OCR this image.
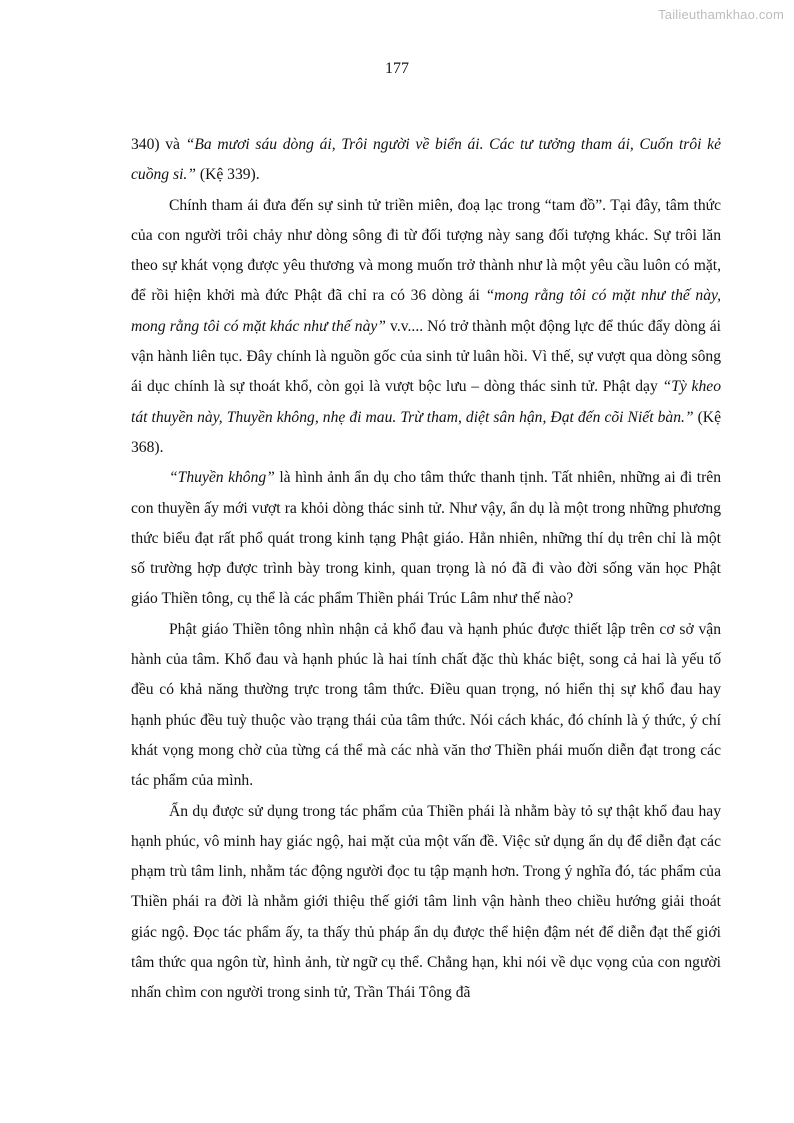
Tailieuthamkhao.com
177

340) và “Ba mươi sáu dòng ái, Trôi người về biển ái. Các tư tưởng tham ái, Cuốn trôi kẻ cuồng si.” (Kệ 339).

Chính tham ái đưa đến sự sinh tử triền miên, đoạ lạc trong “tam đồ”. Tại đây, tâm thức của con người trôi chảy như dòng sông đi từ đối tượng này sang đối tượng khác. Sự trôi lăn theo sự khát vọng được yêu thương và mong muốn trở thành như là một yêu cầu luôn có mặt, để rồi hiện khởi mà đức Phật đã chỉ ra có 36 dòng ái “mong rằng tôi có mặt như thế này, mong rằng tôi có mặt khác như thế này” v.v.... Nó trở thành một động lực để thúc đẩy dòng ái vận hành liên tục. Đây chính là nguồn gốc của sinh tử luân hồi. Vì thế, sự vượt qua dòng sông ái dục chính là sự thoát khổ, còn gọi là vượt bộc lưu – dòng thác sinh tử. Phật dạy “Tỳ kheo tát thuyền này, Thuyền không, nhẹ đi mau. Trừ tham, diệt sân hận, Đạt đến cõi Niết bàn.” (Kệ 368).

“Thuyền không” là hình ảnh ẩn dụ cho tâm thức thanh tịnh. Tất nhiên, những ai đi trên con thuyền ấy mới vượt ra khỏi dòng thác sinh tử. Như vậy, ẩn dụ là một trong những phương thức biểu đạt rất phổ quát trong kinh tạng Phật giáo. Hẳn nhiên, những thí dụ trên chỉ là một số trường hợp được trình bày trong kinh, quan trọng là nó đã đi vào đời sống văn học Phật giáo Thiền tông, cụ thể là các phẩm Thiền phái Trúc Lâm như thế nào?

Phật giáo Thiền tông nhìn nhận cả khổ đau và hạnh phúc được thiết lập trên cơ sở vận hành của tâm. Khổ đau và hạnh phúc là hai tính chất đặc thù khác biệt, song cả hai là yếu tố đều có khả năng thường trực trong tâm thức. Điều quan trọng, nó hiển thị sự khổ đau hay hạnh phúc đều tuỳ thuộc vào trạng thái của tâm thức. Nói cách khác, đó chính là ý thức, ý chí khát vọng mong chờ của từng cá thể mà các nhà văn thơ Thiền phái muốn diễn đạt trong các tác phẩm của mình.

Ẩn dụ được sử dụng trong tác phẩm của Thiền phái là nhằm bày tỏ sự thật khổ đau hay hạnh phúc, vô minh hay giác ngộ, hai mặt của một vấn đề. Việc sử dụng ẩn dụ để diễn đạt các phạm trù tâm linh, nhằm tác động người đọc tu tập mạnh hơn. Trong ý nghĩa đó, tác phẩm của Thiền phái ra đời là nhằm giới thiệu thế giới tâm linh vận hành theo chiều hướng giải thoát giác ngộ. Đọc tác phẩm ấy, ta thấy thủ pháp ẩn dụ được thể hiện đậm nét để diễn đạt thế giới tâm thức qua ngôn từ, hình ảnh, từ ngữ cụ thể. Chẳng hạn, khi nói về dục vọng của con người nhấn chìm con người trong sinh tử, Trần Thái Tông đã
